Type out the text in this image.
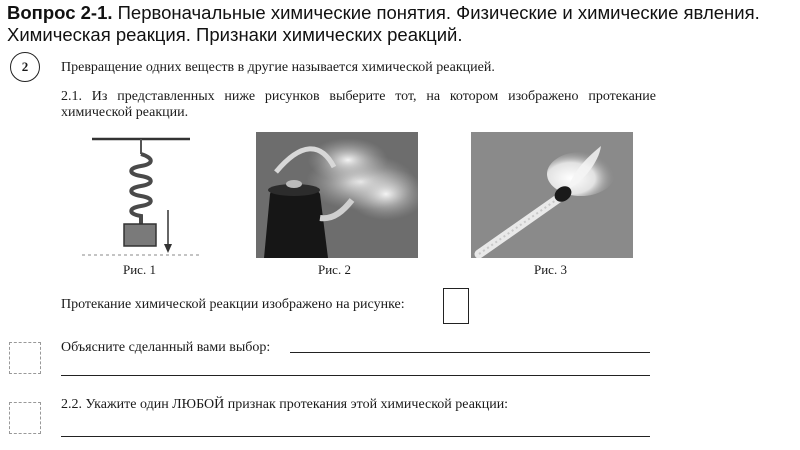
Вопрос 2-1. Первоначальные химические понятия. Физические и химические явления. Химическая реакция. Признаки химических реакций.
2	Превращение одних веществ в другие называется химической реакцией.
2.1. Из представленных ниже рисунков выберите тот, на котором изображено протекание химической реакции.
Рис. 1	Рис. 2	Рис. 3
Протекание химической реакции изображено на рисунке:
Объясните сделанный вами выбор:
2.2. Укажите один ЛЮБОЙ признак протекания этой химической реакции:
